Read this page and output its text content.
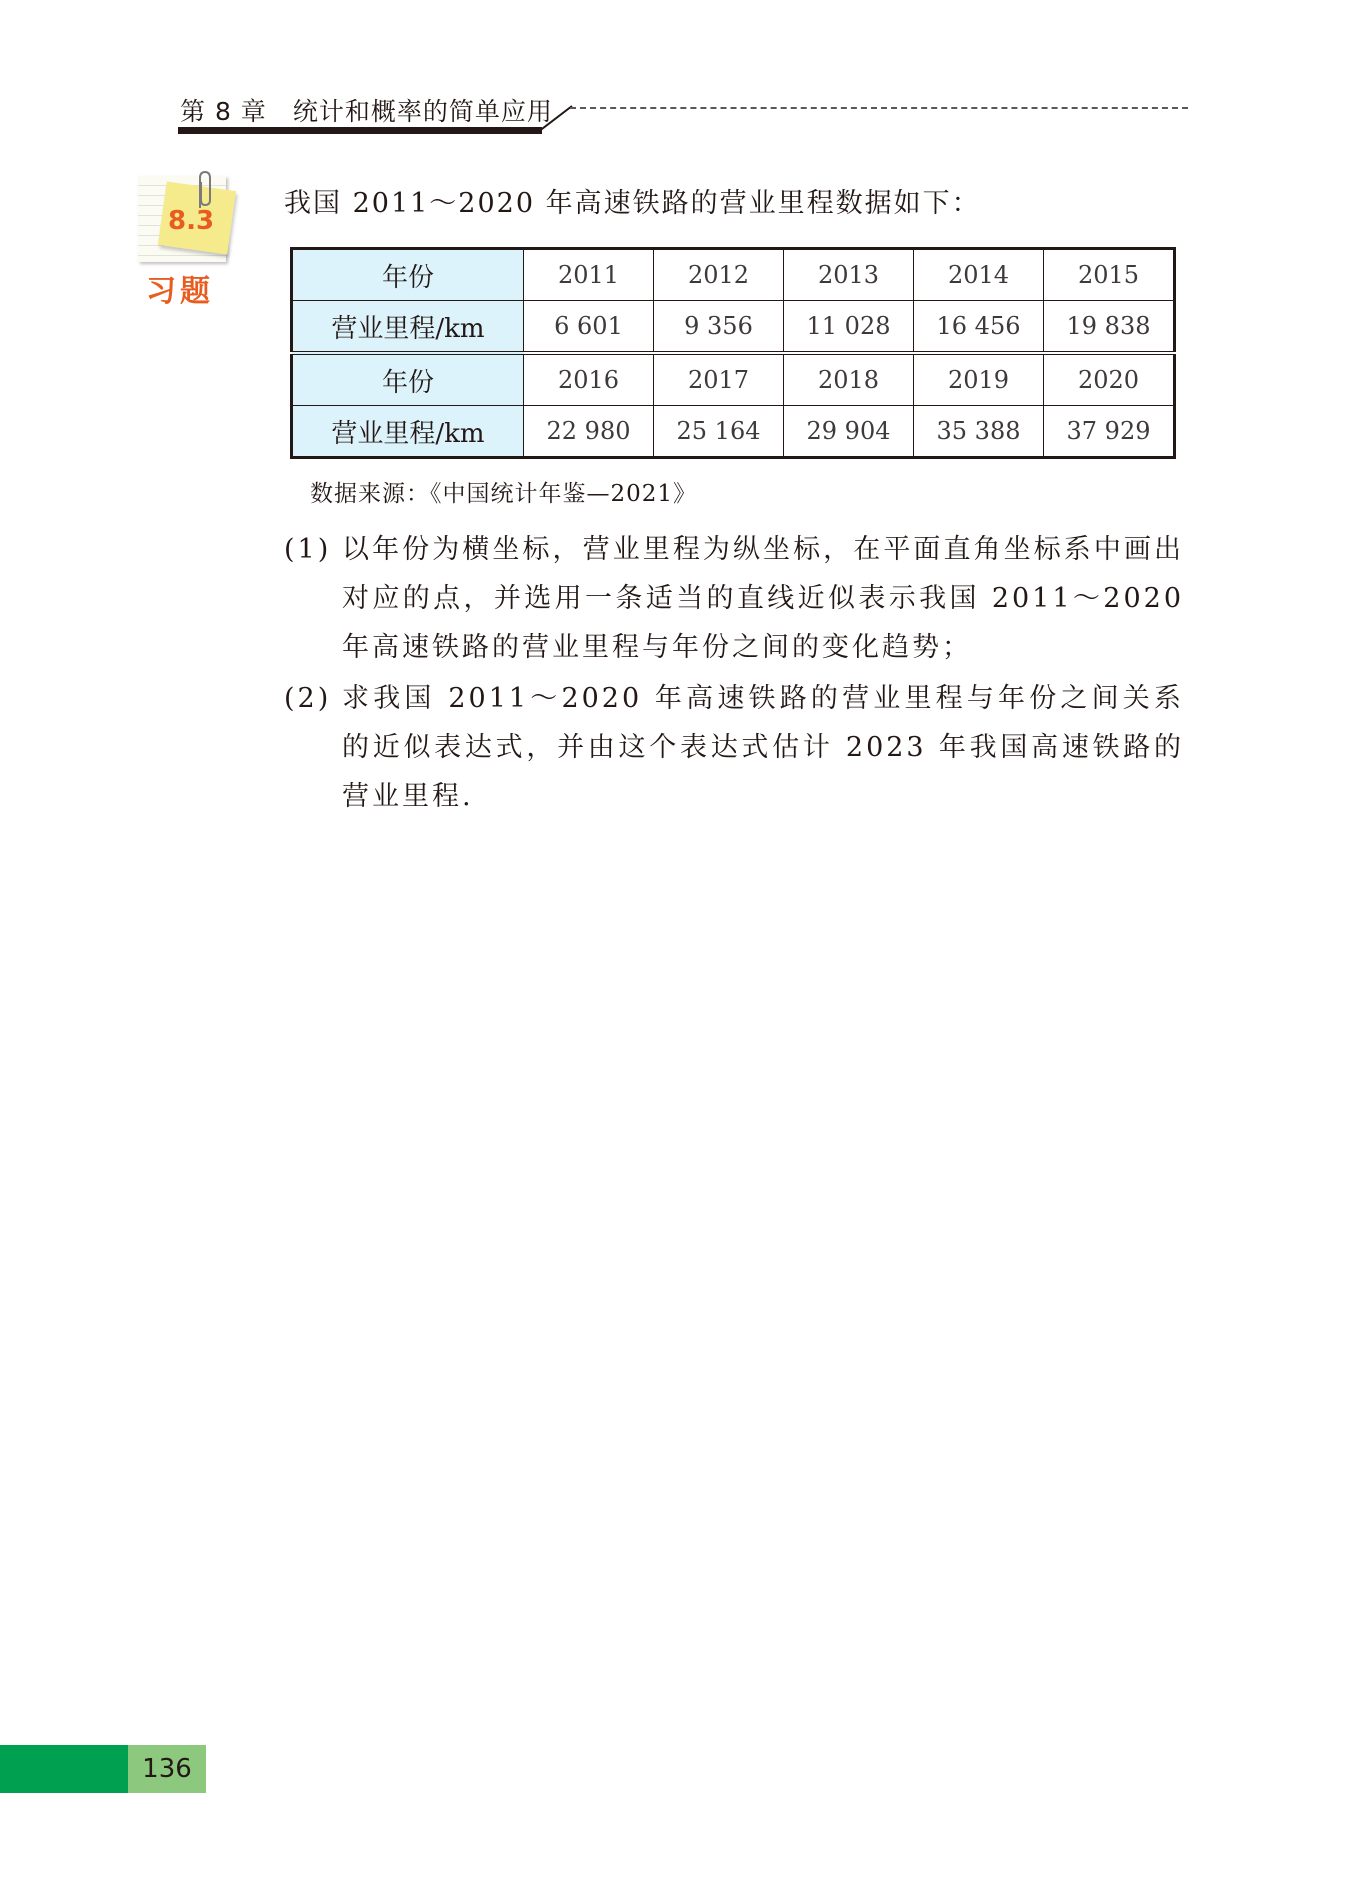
第 8 章 统计和概率的简单应用
8.3
习题
我国 2011～2020 年高速铁路的营业里程数据如下：
年份	2011	2012	2013	2014	2015
营业里程/km	6 601	9 356	11 028	16 456	19 838
年份	2016	2017	2018	2019	2020
营业里程/km	22 980	25 164	29 904	35 388	37 929
数据来源：《中国统计年鉴—2021》
(1) 以年份为横坐标，营业里程为纵坐标，在平面直角坐标系中画出对应的点，并选用一条适当的直线近似表示我国 2011～2020 年高速铁路的营业里程与年份之间的变化趋势；
(2) 求我国 2011～2020 年高速铁路的营业里程与年份之间关系的近似表达式，并由这个表达式估计 2023 年我国高速铁路的营业里程.
136
